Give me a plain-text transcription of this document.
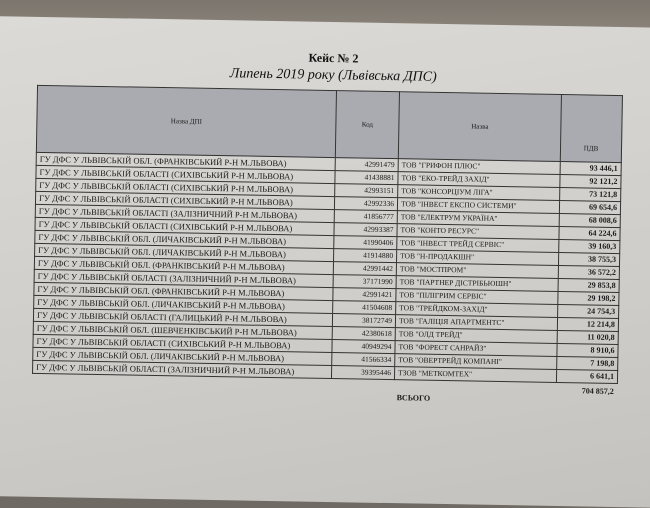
Кейс № 2
Липень 2019 року (Львівська ДПС)
Назва ДПІ	Код	Назва	ПДВ
ГУ ДФС У ЛЬВІВСЬКІЙ ОБЛ. (ФРАНКІВСЬКИЙ Р-Н М.ЛЬВОВА)	42991479	ТОВ "ГРИФОН ПЛЮС"	93 446,1
ГУ ДФС У ЛЬВІВСЬКІЙ ОБЛАСТІ (СИХІВСЬКИЙ Р-Н М.ЛЬВОВА)	41438881	ТОВ "ЕКО-ТРЕЙД ЗАХІД"	92 121,2
ГУ ДФС У ЛЬВІВСЬКІЙ ОБЛАСТІ (СИХІВСЬКИЙ Р-Н М.ЛЬВОВА)	42993151	ТОВ "КОНСОРЦІУМ ЛІГА"	73 121,8
ГУ ДФС У ЛЬВІВСЬКІЙ ОБЛАСТІ (СИХІВСЬКИЙ Р-Н М.ЛЬВОВА)	42992336	ТОВ "ІНВЕСТ ЕКСПО СИСТЕМИ"	69 654,6
ГУ ДФС У ЛЬВІВСЬКІЙ ОБЛАСТІ (ЗАЛІЗНИЧНИЙ Р-Н М.ЛЬВОВА)	41856777	ТОВ "ЕЛЕКТРУМ УКРАЇНА"	68 008,6
ГУ ДФС У ЛЬВІВСЬКІЙ ОБЛАСТІ (СИХІВСЬКИЙ Р-Н М.ЛЬВОВА)	42993387	ТОВ "КОНТО РЕСУРС"	64 224,6
ГУ ДФС У ЛЬВІВСЬКІЙ ОБЛ. (ЛИЧАКІВСЬКИЙ Р-Н М.ЛЬВОВА)	41990406	ТОВ "ІНВЕСТ ТРЕЙД СЕРВІС"	39 160,3
ГУ ДФС У ЛЬВІВСЬКІЙ ОБЛ. (ЛИЧАКІВСЬКИЙ Р-Н М.ЛЬВОВА)	41914880	ТОВ "Н-ПРОДАКШН"	38 755,3
ГУ ДФС У ЛЬВІВСЬКІЙ ОБЛ. (ФРАНКІВСЬКИЙ Р-Н М.ЛЬВОВА)	42991442	ТОВ "МОСТПРОМ"	36 572,2
ГУ ДФС У ЛЬВІВСЬКІЙ ОБЛАСТІ (ЗАЛІЗНИЧНИЙ Р-Н М.ЛЬВОВА)	37171990	ТОВ "ПАРТНЕР ДІСТРІБЬЮШН"	29 853,8
ГУ ДФС У ЛЬВІВСЬКІЙ ОБЛ. (ФРАНКІВСЬКИЙ Р-Н М.ЛЬВОВА)	42991421	ТОВ "ПІЛІГРИМ СЕРВІС"	29 198,2
ГУ ДФС У ЛЬВІВСЬКІЙ ОБЛ. (ЛИЧАКІВСЬКИЙ Р-Н М.ЛЬВОВА)	41504608	ТОВ "ТРЕЙДКОМ-ЗАХІД"	24 754,3
ГУ ДФС У ЛЬВІВСЬКІЙ ОБЛАСТІ (ГАЛИЦЬКИЙ Р-Н М.ЛЬВОВА)	38172749	ТОВ "ГАЛІЦІЯ АПАРТМЕНТС"	12 214,8
ГУ ДФС У ЛЬВІВСЬКІЙ ОБЛ. (ШЕВЧЕНКІВСЬКИЙ Р-Н М.ЛЬВОВА)	42380618	ТОВ "ОЛД ТРЕЙД"	11 020,8
ГУ ДФС У ЛЬВІВСЬКІЙ ОБЛАСТІ (СИХІВСЬКИЙ Р-Н М.ЛЬВОВА)	40949294	ТОВ "ФОРЕСТ САНРАЙЗ"	8 910,6
ГУ ДФС У ЛЬВІВСЬКІЙ ОБЛ. (ЛИЧАКІВСЬКИЙ Р-Н М.ЛЬВОВА)	41566334	ТОВ "ОВЕРТРЕЙД КОМПАНІ"	7 198,8
ГУ ДФС У ЛЬВІВСЬКІЙ ОБЛАСТІ (ЗАЛІЗНИЧНИЙ Р-Н М.ЛЬВОВА)	39395446	ТЗОВ "МЕТКОМТЕХ"	6 641,1
ВСЬОГО
704 857,2
